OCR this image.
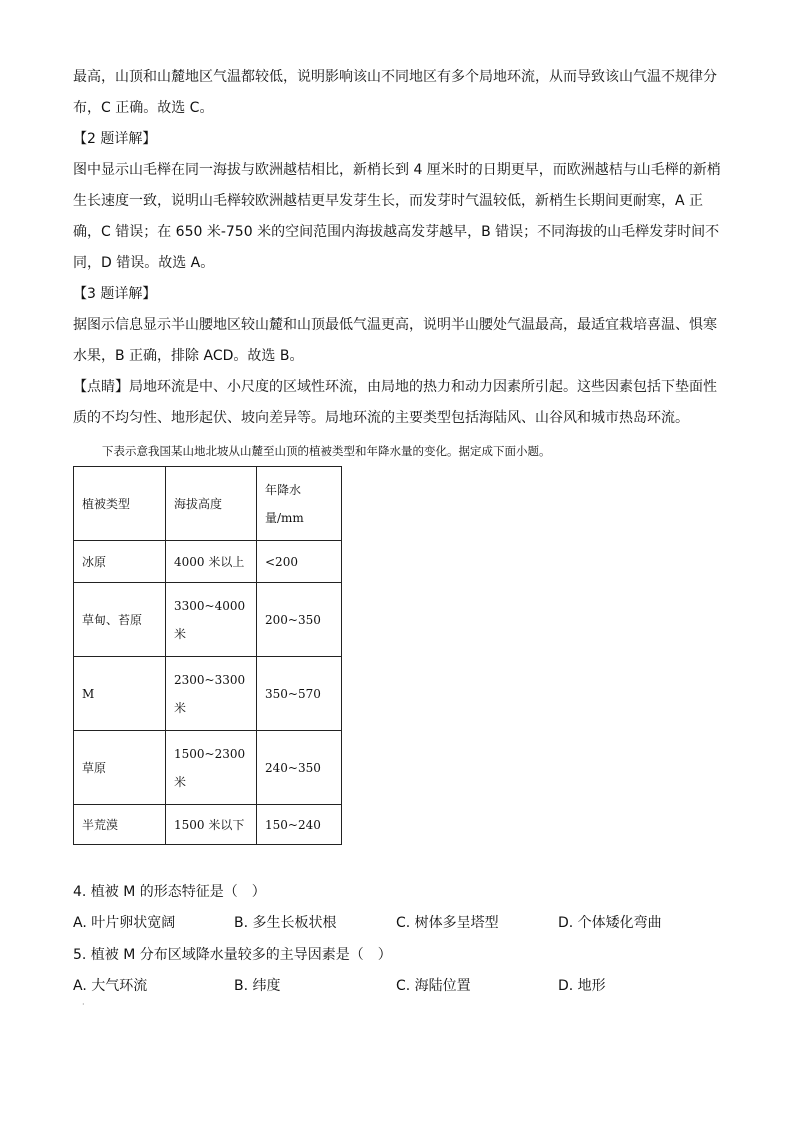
最高，山顶和山麓地区气温都较低，说明影响该山不同地区有多个局地环流，从而导致该山气温不规律分
布，C 正确。故选 C。
【2 题详解】
图中显示山毛榉在同一海拔与欧洲越桔相比，新梢长到 4 厘米时的日期更早，而欧洲越桔与山毛榉的新梢
生长速度一致，说明山毛榉较欧洲越桔更早发芽生长，而发芽时气温较低，新梢生长期间更耐寒，A 正
确，C 错误；在 650 米-750 米的空间范围内海拔越高发芽越早，B 错误；不同海拔的山毛榉发芽时间不
同，D 错误。故选 A。
【3 题详解】
据图示信息显示半山腰地区较山麓和山顶最低气温更高，说明半山腰处气温最高，最适宜栽培喜温、惧寒
水果，B 正确，排除 ACD。故选 B。
【点睛】局地环流是中、小尺度的区域性环流，由局地的热力和动力因素所引起。这些因素包括下垫面性
质的不均匀性、地形起伏、坡向差异等。局地环流的主要类型包括海陆风、山谷风和城市热岛环流。
下表示意我国某山地北坡从山麓至山顶的植被类型和年降水量的变化。据定成下面小题。
植被类型	海拔高度	年降水量/mm
冰原	4000 米以上	<200
草甸、苔原	3300~4000米	200~350
M	2300~3300米	350~570
草原	1500~2300米	240~350
半荒漠	1500 米以下	150~240
4. 植被 M 的形态特征是（　）
A. 叶片卵状宽阔	B. 多生长板状根	C. 树体多呈塔型	D. 个体矮化弯曲
5. 植被 M 分布区域降水量较多的主导因素是（　）
A. 大气环流	B. 纬度	C. 海陆位置	D. 地形
·
